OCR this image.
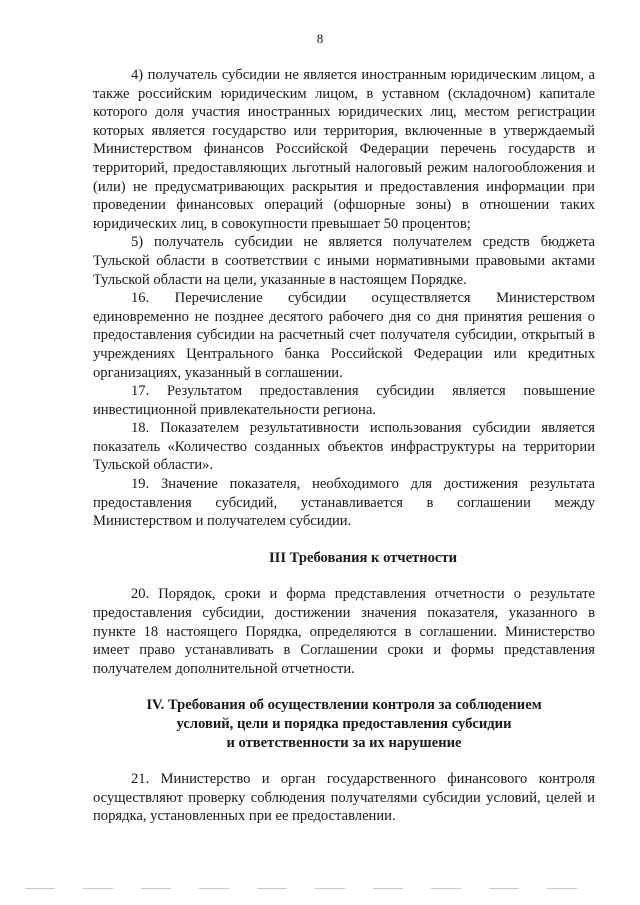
8

4) получатель субсидии не является иностранным юридическим лицом, а также российским юридическим лицом, в уставном (складочном) капитале которого доля участия иностранных юридических лиц, местом регистрации которых является государство или территория, включенные в утверждаемый Министерством финансов Российской Федерации перечень государств и территорий, предоставляющих льготный налоговый режим налогообложения и (или) не предусматривающих раскрытия и предоставления информации при проведении финансовых операций (офшорные зоны) в отношении таких юридических лиц, в совокупности превышает 50 процентов;

5) получатель субсидии не является получателем средств бюджета Тульской области в соответствии с иными нормативными правовыми актами Тульской области на цели, указанные в настоящем Порядке.

16. Перечисление субсидии осуществляется Министерством единовременно не позднее десятого рабочего дня со дня принятия решения о предоставления субсидии на расчетный счет получателя субсидии, открытый в учреждениях Центрального банка Российской Федерации или кредитных организациях, указанный в соглашении.

17. Результатом предоставления субсидии является повышение инвестиционной привлекательности региона.

18. Показателем результативности использования субсидии является показатель «Количество созданных объектов инфраструктуры на территории Тульской области».

19. Значение показателя, необходимого для достижения результата предоставления субсидий, устанавливается в соглашении между Министерством и получателем субсидии.

III Требования к отчетности

20. Порядок, сроки и форма представления отчетности о результате предоставления субсидии, достижении значения показателя, указанного в пункте 18 настоящего Порядка, определяются в соглашении. Министерство имеет право устанавливать в Соглашении сроки и формы представления получателем дополнительной отчетности.

IV. Требования об осуществлении контроля за соблюдением
условий, цели и порядка предоставления субсидии
и ответственности за их нарушение

21. Министерство и орган государственного финансового контроля осуществляют проверку соблюдения получателями субсидии условий, целей и порядка, установленных при ее предоставлении.
